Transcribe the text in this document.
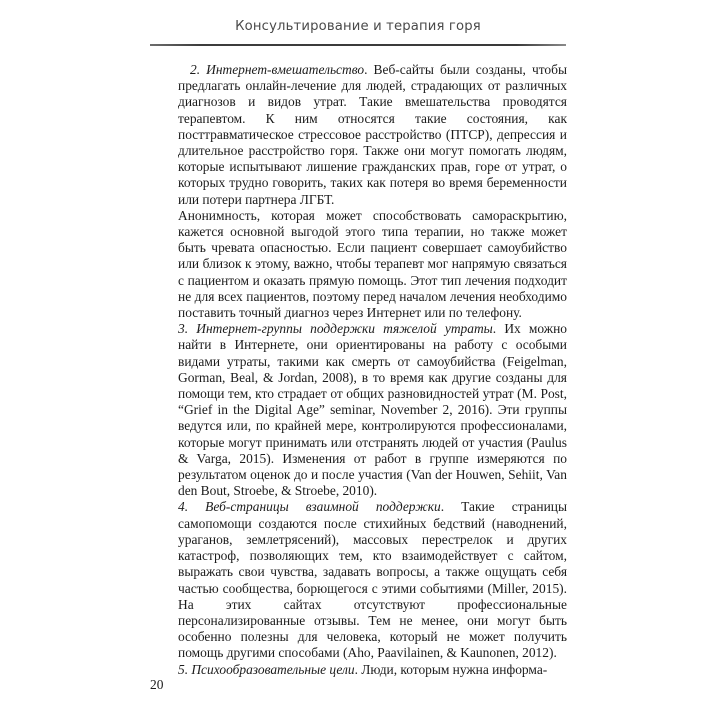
Консультирование и терапия горя

2. Интернет-вмешательство. Веб-сайты были созданы, чтобы предлагать онлайн-лечение для людей, страдающих от различных диагнозов и видов утрат. Такие вмешательства проводятся терапевтом. К ним относятся такие состояния, как посттравматическое стрессовое расстройство (ПТСР), депрессия и длительное расстройство горя. Также они могут помогать людям, которые испытывают лишение гражданских прав, горе от утрат, о которых трудно говорить, таких как потеря во время беременности или потери партнера ЛГБТ.

Анонимность, которая может способствовать самораскрытию, кажется основной выгодой этого типа терапии, но также может быть чревата опасностью. Если пациент совершает самоубийство или близок к этому, важно, чтобы терапевт мог напрямую связаться с пациентом и оказать прямую помощь. Этот тип лечения подходит не для всех пациентов, поэтому перед началом лечения необходимо поставить точный диагноз через Интернет или по телефону.

3. Интернет-группы поддержки тяжелой утраты. Их можно найти в Интернете, они ориентированы на работу с особыми видами утраты, такими как смерть от самоубийства (Feigelman, Gorman, Beal, & Jordan, 2008), в то время как другие созданы для помощи тем, кто страдает от общих разновидностей утрат (M. Post, “Grief in the Digital Age” seminar, November 2, 2016). Эти группы ведутся или, по крайней мере, контролируются профессионалами, которые могут принимать или отстранять людей от участия (Paulus & Varga, 2015). Изменения от работ в группе измеряются по результатом оценок до и после участия (Van der Houwen, Sehiit, Van den Bout, Stroebe, & Stroebe, 2010).

4. Веб-страницы взаимной поддержки. Такие страницы самопомощи создаются после стихийных бедствий (наводнений, ураганов, землетрясений), массовых перестрелок и других катастроф, позволяющих тем, кто взаимодействует с сайтом, выражать свои чувства, задавать вопросы, а также ощущать себя частью сообщества, борющегося с этими событиями (Miller, 2015). На этих сайтах отсутствуют профессиональные персонализированные отзывы. Тем не менее, они могут быть особенно полезны для человека, который не может получить помощь другими способами (Aho, Paavilainen, & Kaunonen, 2012).

5. Психообразовательные цели. Люди, которым нужна информа-

20
